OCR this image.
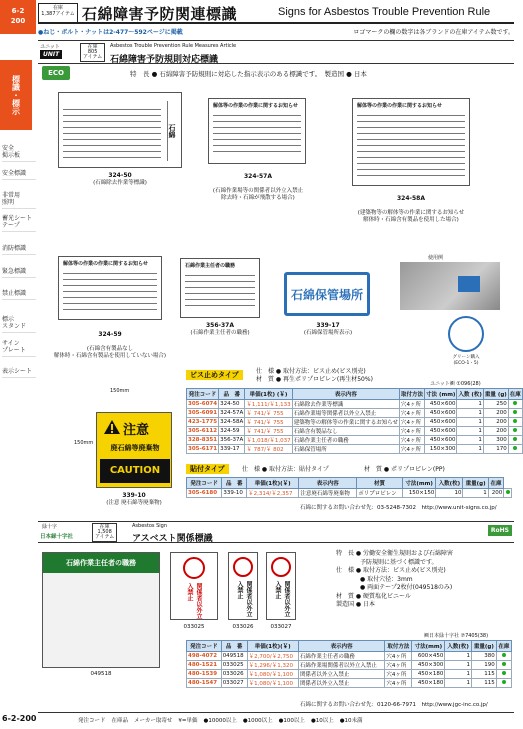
6-2
200
標識・標示
安全
掲示板
安全標識
非常用
照明
蓄光シート
テープ
消防標識
緊急標識
禁止標識
標示
スタンド
サイン
プレート
表示シート
在庫
1,387アイテム 石綿障害予防関連標識	Signs for Asbestos Trouble Prevention Rule
●ねじ・ボルト・ナットは2-477〜592ページに掲載	ロゴマークの欄の数字は各ブランドの在庫アイテム数です。
ユニット
UNIT
在庫
805
アイテム
Asbestos Trouble Prevention Rule Measures Article
石綿障害予防規則対応標識
ECO	特　長 ● 石綿障害予防規則に対応した指示表示のある標識です。　製造国 ● 日本
石綿
324-50
(石綿除去作業等標識)
解体等の作業の作業に関するお知らせ

324-57A

(石綿作業場等の関係者以外立入禁止
除去時・石綿が飛散する場合)

解体等の作業の作業に関するお知らせ

324-58A

(建築物等の解体等の作業に関するお知らせ
解体時・石綿含有製品を使用した場合)

解体等の作業の作業に関するお知らせ

324-59

(石綿含有製品なし
解体時・石綿含有製品を使用していない場合)

石綿作業主任者の職務
356-37A
(石綿作業主任者の職務)
石綿保管場所
339-17
(石綿保管場所表示)
使用例
グリーン購入
(ECO-1・5)
ビス止めタイプ	仕　様 ● 取付方法：ビス止め(ビス別売)
材　質 ● 再生ポリプロピレン(再生材50%)
ユニット㈱ ①096(28)
発注コード	品　番	単価(1枚) (￥)	表示内容	取付方法	寸法 (mm)	入数 (枚)	重量 (g)	在庫
305-6074	324-50	￥1,111/￥1,133	石綿除去作業等標識	穴4ヶ所	450×600	1	250	
305-6091	324-57A	￥ 741/￥ 755	石綿作業場等関係者以外立入禁止	穴4ヶ所	450×600	1	200	
423-1775	324-58A	￥ 741/￥ 755	建築物等の解体等の作業に関するお知らせ	穴4ヶ所	450×600	1	200	
305-6112	324-59	￥ 741/￥ 755	石綿含有製品なし	穴4ヶ所	450×600	1	200	
328-8351	356-37A	￥1,018/￥1,037	石綿作業主任者の職務	穴4ヶ所	450×600	1	300	
305-6171	339-17	￥ 787/￥ 802	石綿保管場所	穴4ヶ所	150×300	1	170	
150mm
150mm
注意
廃石綿等廃棄物
CAUTION
339-10
(注意 廃石綿等廃棄物)
貼付タイプ	仕　様 ● 取付方法：貼付タイプ	材　質 ● ポリプロピレン(PP)
発注コード	品　番	単価(1枚)(￥)	表示内容	材質	寸法(mm)	入数(枚)	重量(g)	在庫	
305-6180	339-10	￥2,314/￥2,357	注意廃石綿等廃棄物	ポリプロピレン	150×150	10	1	200	
石綿に関するお問い合わせ先：03-5248-7302　http://www.unit-signs.co.jp/
緑十字
日本緑十字社
在庫
1,508
アイテム
Asbestos Sign
アスベスト関係標識
RoHS
石綿作業主任者の職務
049518
関係者以外立入禁止
033025
関係者以外立入禁止
033026
関係者以外立入禁止
033027
特　長 ● 労働安全衛生規則および石綿障害
　　　　予防規則に基づく標識です。
仕　様 ● 取付方法：ビス止め(ビス別売)
　　　　● 取付穴径：3mm
　　　　● 両面テープ2枚付(049518のみ)
材　質 ● 硬質塩化ビニール
製造国 ● 日本
㈱日本緑十字社 ⑦7405(38)
発注コード	品　番	単価(1枚)(￥)	表示内容	取付方法	寸法(mm)	入数(枚)	重量(g)	在庫
498-4072	049518	￥2,700/￥2,750	石綿作業主任者の職務	穴4ヶ所	600×450	1	380	
480-1521	033025	￥1,296/￥1,320	石綿作業場関係者以外立入禁止	穴4ヶ所	450×300	1	190	
480-1539	033026	￥1,080/￥1,100	関係者以外立入禁止	穴4ヶ所	450×180	1	115	
480-1547	033027	￥1,080/￥1,100	関係者以外立入禁止	穴4ヶ所	450×180	1	115	
石綿に関するお問い合わせ先：0120-66-7971　http://www.jgc-inc.co.jp/
6-2-200	発注コード 在庫品 メーカー取寄せ ¥=単価 ●10000以上 ●1000以上 ●100以上 ●10以上 ●10未満
